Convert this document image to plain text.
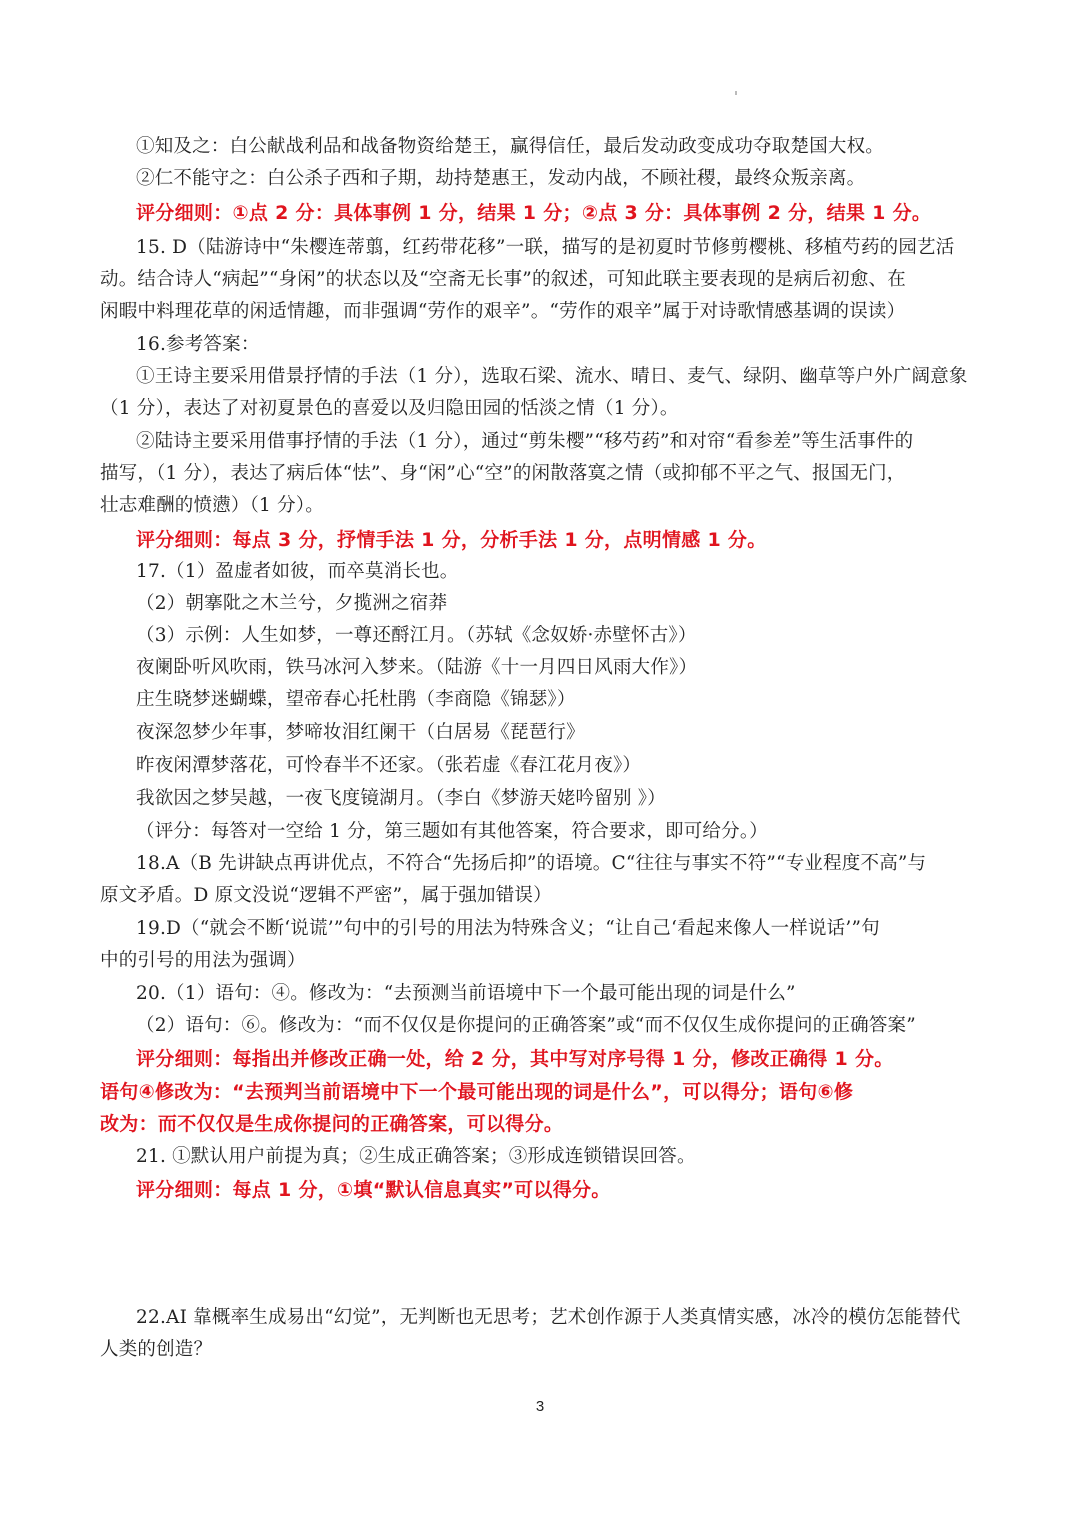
①知及之：白公献战利品和战备物资给楚王，赢得信任，最后发动政变成功夺取楚国大权。
②仁不能守之：白公杀子西和子期，劫持楚惠王，发动内战，不顾社稷，最终众叛亲离。
评分细则：①点 2 分：具体事例 1 分，结果 1 分；②点 3 分：具体事例 2 分，结果 1 分。
15. D（陆游诗中“朱樱连蒂翦，红药带花移”一联，描写的是初夏时节修剪樱桃、移植芍药的园艺活
动。结合诗人“病起”“身闲”的状态以及“空斋无长事”的叙述，可知此联主要表现的是病后初愈、在
闲暇中料理花草的闲适情趣，而非强调“劳作的艰辛”。“劳作的艰辛”属于对诗歌情感基调的误读）
16.参考答案：
①王诗主要采用借景抒情的手法（1 分），选取石梁、流水、晴日、麦气、绿阴、幽草等户外广阔意象
（1 分），表达了对初夏景色的喜爱以及归隐田园的恬淡之情（1 分）。
②陆诗主要采用借事抒情的手法（1 分），通过“剪朱樱”“移芍药”和对帘“看参差”等生活事件的
描写，（1 分），表达了病后体“怯”、身“闲”心“空”的闲散落寞之情（或抑郁不平之气、报国无门，
壮志难酬的愤懑）（1 分）。
评分细则：每点 3 分，抒情手法 1 分，分析手法 1 分，点明情感 1 分。
17.（1）盈虚者如彼，而卒莫消长也。
（2）朝搴阰之木兰兮，夕揽洲之宿莽
（3）示例：人生如梦，一尊还酹江月。（苏轼《念奴娇·赤壁怀古》）
夜阑卧听风吹雨，铁马冰河入梦来。（陆游《十一月四日风雨大作》）
庄生晓梦迷蝴蝶，望帝春心托杜鹃（李商隐《锦瑟》）
夜深忽梦少年事，梦啼妆泪红阑干（白居易《琵琶行》
昨夜闲潭梦落花，可怜春半不还家。（张若虚《春江花月夜》）
我欲因之梦吴越，一夜飞度镜湖月。（李白《梦游天姥吟留别 》）
（评分：每答对一空给 1 分，第三题如有其他答案，符合要求，即可给分。）
18.A（B 先讲缺点再讲优点，不符合“先扬后抑”的语境。C“往往与事实不符”“专业程度不高”与
原文矛盾。D 原文没说“逻辑不严密”，属于强加错误）
19.D（“就会不断‘说谎’”句中的引号的用法为特殊含义；“让自己‘看起来像人一样说话’”句
中的引号的用法为强调）
20.（1）语句：④。修改为：“去预测当前语境中下一个最可能出现的词是什么”
（2）语句：⑥。修改为：“而不仅仅是你提问的正确答案”或“而不仅仅生成你提问的正确答案”
评分细则：每指出并修改正确一处，给 2 分，其中写对序号得 1 分，修改正确得 1 分。
语句④修改为：“去预判当前语境中下一个最可能出现的词是什么”，可以得分；语句⑥修
改为：而不仅仅是生成你提问的正确答案，可以得分。
21. ①默认用户前提为真；②生成正确答案；③形成连锁错误回答。
评分细则：每点 1 分，①填“默认信息真实”可以得分。
22.AI 靠概率生成易出“幻觉”，无判断也无思考；艺术创作源于人类真情实感，冰冷的模仿怎能替代
人类的创造？
3
